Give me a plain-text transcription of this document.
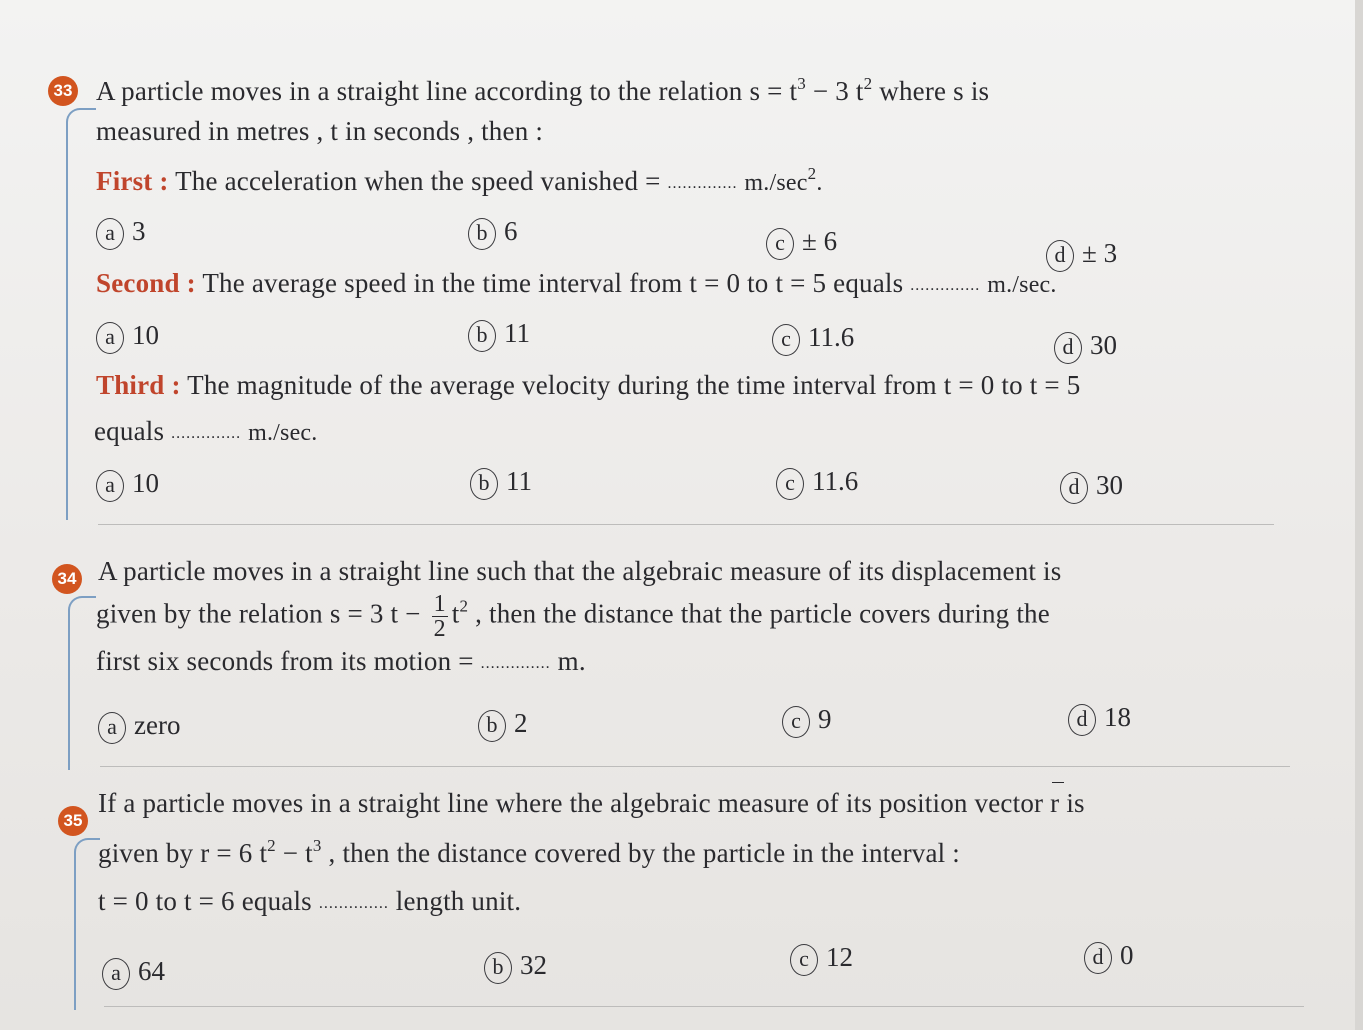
33 A particle moves in a straight line according to the relation $s = t^3 - 3$ $t^2$ where s is
measured in metres , t in seconds , then :
First : The acceleration when the speed vanished = .............. $m./\sec^2$.
a 3	b 6	c ± 6	d ± 3
Second : The average speed in the time interval from t = 0 to t = 5 equals .............. m./sec.
a 10	b 11	c 11.6	d 30
Third : The magnitude of the average velocity during the time interval from t = 0 to t = 5
equals .............. m./sec.
a 10	b 11	c 11.6	d 30
34 A particle moves in a straight line such that the algebraic measure of its displacement is
given by the relation s = 3 $t - \frac{1}{2} t^2$ , then the distance that the particle covers during the
first six seconds from its motion = .............. m.
a zero	b 2	c 9	d 18
35
If a particle moves in a straight line where the algebraic measure of its position vector r is
given by r = 6 $t^2 - t^3$ , then the distance covered by the particle in the interval :
t = 0 to t = 6 equals .............. length unit.
a 64	b 32	c 12	d 0
